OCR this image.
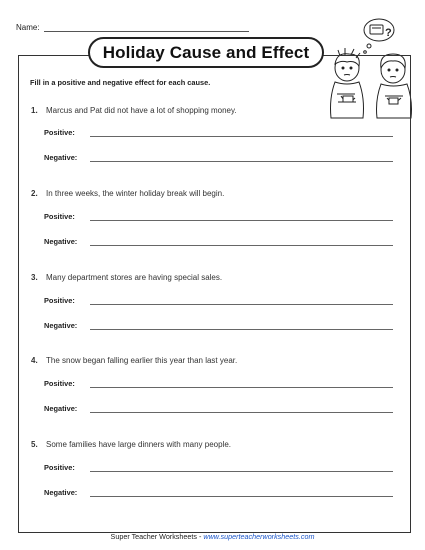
Name:	?
Holiday Cause and Effect
Fill in a positive and negative effect for each cause.
1.	Marcus and Pat did not have a lot of shopping money.
Positive:
Negative:
2.	In three weeks, the winter holiday break will begin.
Positive:
Negative:
3.	Many department stores are having special sales.
Positive:
Negative:
4.	The snow began falling earlier this year than last year.
Positive:
Negative:
5.	Some families have large dinners with many people.
Positive:
Negative:
Super Teacher Worksheets - www.superteacherworksheets.com
